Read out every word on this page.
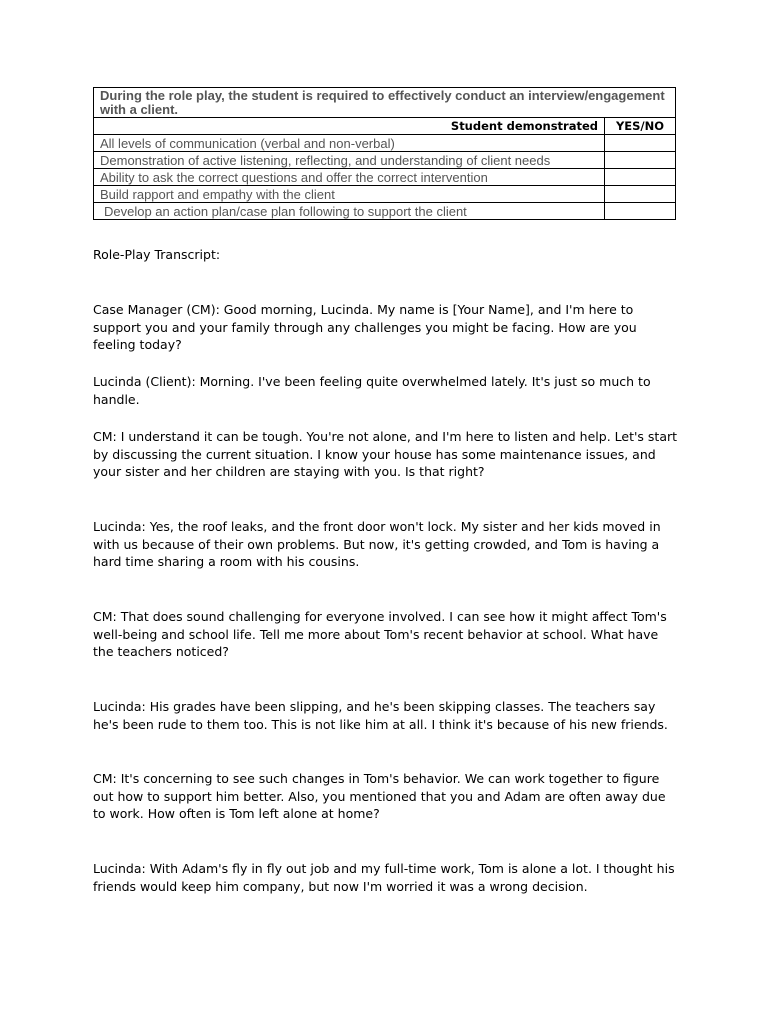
During the role play, the student is required to effectively conduct an interview/engagement with a client.	
Student demonstrated	YES/NO
All levels of communication (verbal and non-verbal)	
Demonstration of active listening, reflecting, and understanding of client needs	
Ability to ask the correct questions and offer the correct intervention	
Build rapport and empathy with the client	
Develop an action plan/case plan following to support the client	

Role-Play Transcript:

Case Manager (CM): Good morning, Lucinda. My name is [Your Name], and I'm here to support you and your family through any challenges you might be facing. How are you feeling today?

Lucinda (Client): Morning. I've been feeling quite overwhelmed lately. It's just so much to handle.

CM: I understand it can be tough. You're not alone, and I'm here to listen and help. Let's start by discussing the current situation. I know your house has some maintenance issues, and your sister and her children are staying with you. Is that right?

Lucinda: Yes, the roof leaks, and the front door won't lock. My sister and her kids moved in with us because of their own problems. But now, it's getting crowded, and Tom is having a hard time sharing a room with his cousins.

CM: That does sound challenging for everyone involved. I can see how it might affect Tom's well-being and school life. Tell me more about Tom's recent behavior at school. What have the teachers noticed?

Lucinda: His grades have been slipping, and he's been skipping classes. The teachers say he's been rude to them too. This is not like him at all. I think it's because of his new friends.

CM: It's concerning to see such changes in Tom's behavior. We can work together to figure out how to support him better. Also, you mentioned that you and Adam are often away due to work. How often is Tom left alone at home?

Lucinda: With Adam's fly in fly out job and my full-time work, Tom is alone a lot. I thought his friends would keep him company, but now I'm worried it was a wrong decision.
